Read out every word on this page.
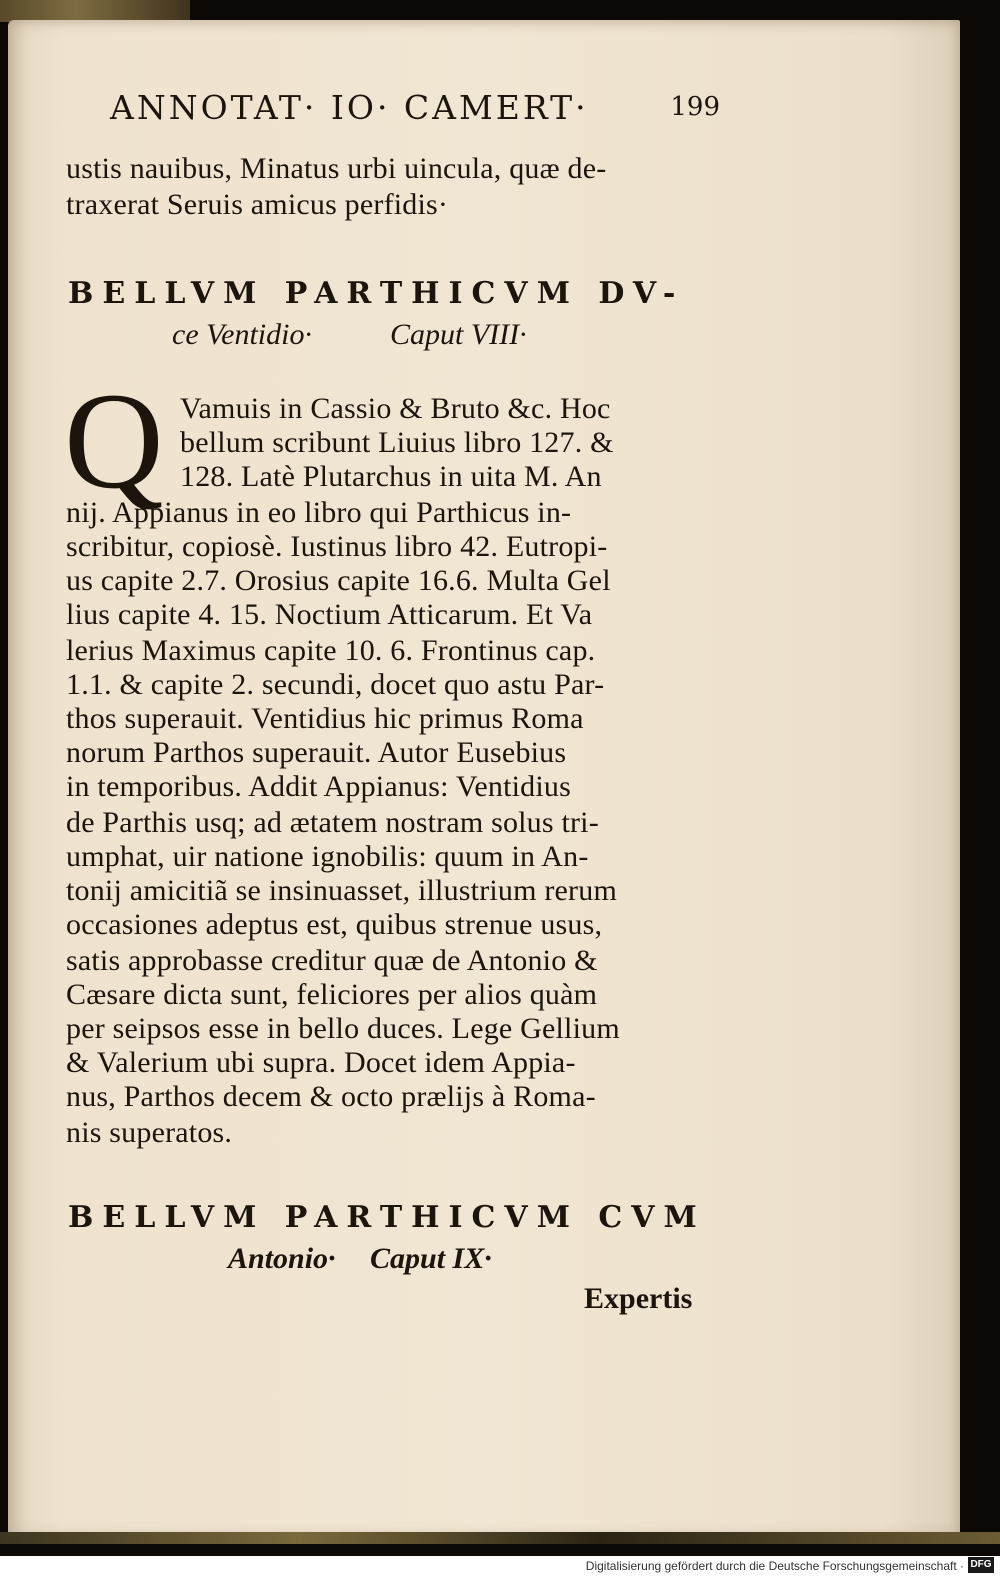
ANNOTAT· IO· CAMERT·	199
ustis nauibus, Minatus urbi uincula, quæ de-
traxerat Seruis amicus perfidis·
BELLVM PARTHICVM DV-
ce Ventidio·	Caput VIII·
Q Vamuis in Cassio & Bruto &c. Hoc
bellum scribunt Liuius libro 127. &
128. Latè Plutarchus in uita M. An
nij. Appianus in eo libro qui Parthicus in-
scribitur, copiosè. Iustinus libro 42. Eutropi-
us capite 2.7. Orosius capite 16.6. Multa Gel
lius capite 4. 15. Noctium Atticarum. Et Va
lerius Maximus capite 10. 6. Frontinus cap.
1.1. & capite 2. secundi, docet quo astu Par-
thos superauit. Ventidius hic primus Roma
norum Parthos superauit. Autor Eusebius
in temporibus. Addit Appianus: Ventidius
de Parthis usq; ad ætatem nostram solus tri-
umphat, uir natione ignobilis: quum in An-
tonij amicitiã se insinuasset, illustrium rerum
occasiones adeptus est, quibus strenue usus,
satis approbasse creditur quæ de Antonio &
Cæsare dicta sunt, feliciores per alios quàm
per seipsos esse in bello duces. Lege Gellium
& Valerium ubi supra. Docet idem Appia-
nus, Parthos decem & octo prælijs à Roma-
nis superatos.
BELLVM PARTHICVM CVM
Antonio· Caput IX·
Expertis
Digitalisierung gefördert durch die Deutsche Forschungsgemeinschaft · DFG
